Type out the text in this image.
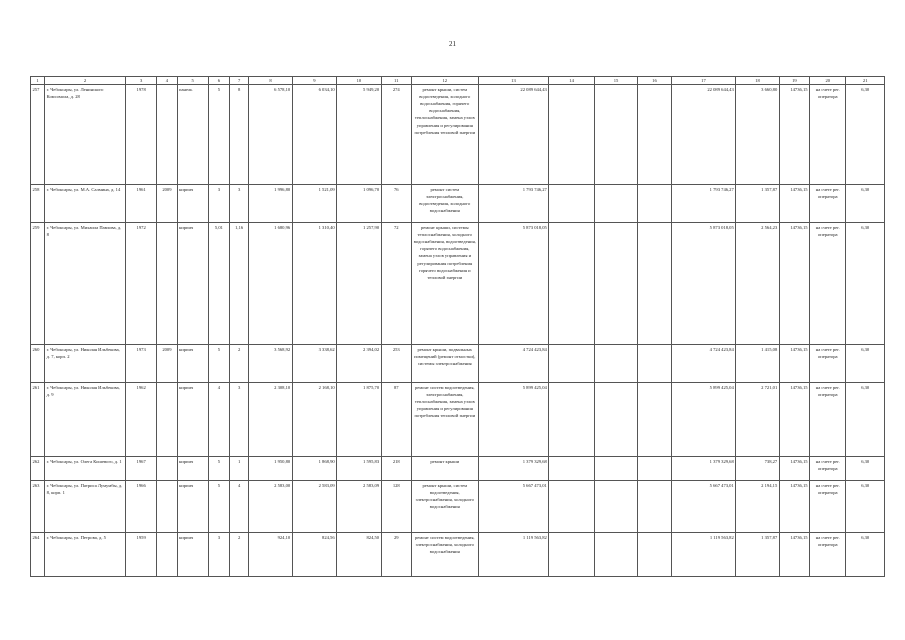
21
1	2	3	4	5	6	7	8	9	10	11	12	13	14	15	16	17	18	19	20	21
257	г. Чебоксары, ул. Ленинского Комсомола, д. 28	1978		панель	5	8	6 578,10	6 034,10	5 949,20	274	ремонт крыши, систем водоотведения, холодного водоснабжения, горячего водоснабжения, теплоснабжения, замена узлов управления и регулирования потребления тепловой энергии	22 089 644,43				22 089 644,43	3 660,80	14736,15	на счете рег. оператора	6,30
258	г. Чебоксары, ул. М.А. Салмина, д. 14	1961	2009	кирпич	3	3	1 996,80	1 521,09	1 096,70	76	ремонт систем электроснабжения, водоотведения, холодного водоснабжения	1 793 746,27				1 793 746,27	1 357,87	14736,15	на счете рег. оператора	6,30
259	г. Чебоксары, ул. Михаила Павлова, д. 8	1972		кирпич	5,01	1,16	1 680,96	1 310,40	1 257,90	72	ремонт крыши, системы теплоснабжения, холодного водоснабжения, водоотведения, горячего водоснабжения, замена узлов управления и регулирования потребления горячего водоснабжения и тепловой энергии	5 873 018,05				5 873 018,05	2 564,23	14736,15	на счете рег. оператора	6,30
260	г. Чебоксары, ул. Николая Ильбекова, д. 7, корп. 2	1973	2009	кирпич	5	2	3 568,92	3 338,62	2 394,02	253	ремонт крыши, подвальных помещений (ремонт отмостки), системы электроснабжения	4 724 423,84				4 724 423,84	1 415,08	14736,15	на счете рег. оператора	6,30
261	г. Чебоксары, ул. Николая Ильбекова, д. 9	1962		кирпич	4	3	2 308,10	2 168,10	1 875,70	87	ремонт систем водоотведения, электроснабжения, теплоснабжения, замена узлов управления и регулирования потребления тепловой энергии	5 899 425,04				5 899 425,04	2 721,01	14736,15	на счете рег. оператора	6,30
262	г. Чебоксары, ул. Олега Кошевого, д. 1	1967		кирпич	5	1	1 950,80	1 868,90	1 595,83	218	ремонт крыши	1 379 329,68				1 379 329,68	738,27	14736,15	на счете рег. оператора	6,30
263	г. Чебоксары, ул. Патриса Лумумбы, д. 8, корп. 1	1966		кирпич	5	4	2 583,00	2 583,09	2 583,09	128	ремонт крыши, систем водоотведения, электроснабжения, холодного водоснабжения	5 667 473,01				5 667 473,01	2 194,15	14736,15	на счете рег. оператора	6,30
264	г. Чебоксары, ул. Петрова, д. 5	1959		кирпич	3	2	924,10	824,56	824,50	29	ремонт систем водоотведения, электроснабжения, холодного водоснабжения	1 119 563,82				1 119 563,82	1 357,87	14736,15	на счете рег. оператора	6,30
